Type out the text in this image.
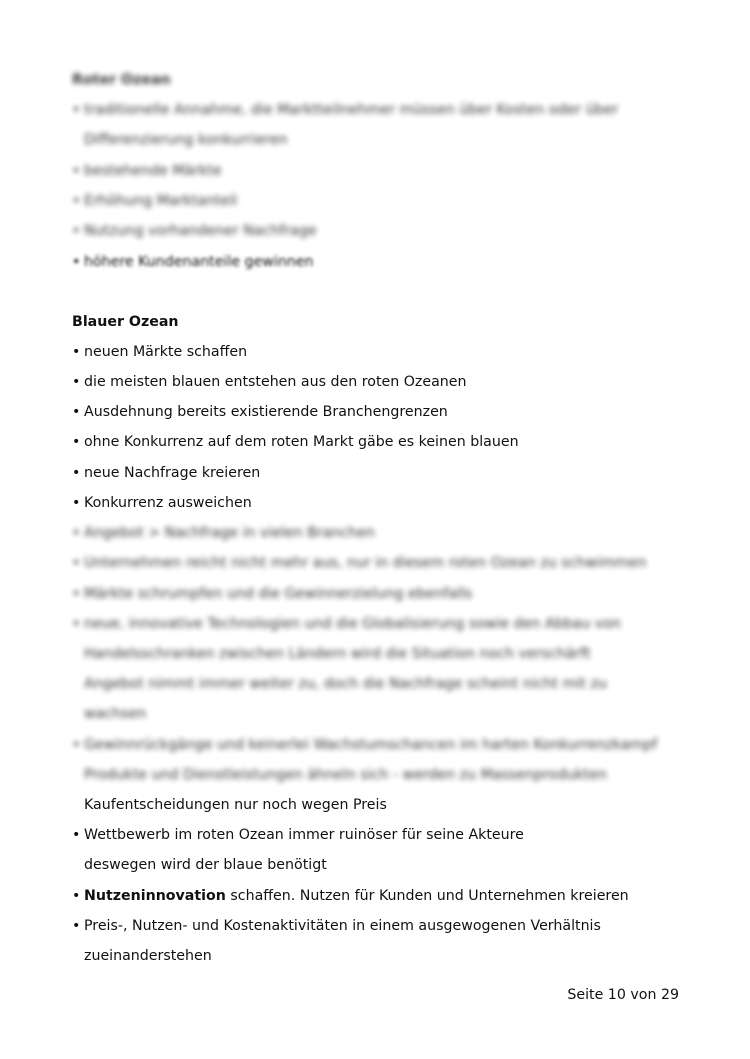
Roter Ozean
• traditionelle Annahme, die Marktteilnehmer müssen über Kosten oder über
Differenzierung konkurrieren
• bestehende Märkte
• Erhöhung Marktanteil
• Nutzung vorhandener Nachfrage
• höhere Kundenanteile gewinnen
Blauer Ozean
• neuen Märkte schaffen
• die meisten blauen entstehen aus den roten Ozeanen
• Ausdehnung bereits existierende Branchengrenzen
• ohne Konkurrenz auf dem roten Markt gäbe es keinen blauen
• neue Nachfrage kreieren
• Konkurrenz ausweichen
• Angebot > Nachfrage in vielen Branchen
• Unternehmen reicht nicht mehr aus, nur in diesem roten Ozean zu schwimmen
• Märkte schrumpfen und die Gewinnerzielung ebenfalls
• neue, innovative Technologien und die Globalisierung sowie den Abbau von
Handelsschranken zwischen Ländern wird die Situation noch verschärft
Angebot nimmt immer weiter zu, doch die Nachfrage scheint nicht mit zu
wachsen
• Gewinnrückgänge und keinerlei Wachstumschancen im harten Konkurrenzkampf
Produkte und Dienstleistungen ähneln sich - werden zu Massenprodukten
Kaufentscheidungen nur noch wegen Preis
• Wettbewerb im roten Ozean immer ruinöser für seine Akteure
deswegen wird der blaue benötigt
• Nutzeninnovation schaffen. Nutzen für Kunden und Unternehmen kreieren
• Preis-, Nutzen- und Kostenaktivitäten in einem ausgewogenen Verhältnis
zueinanderstehen
Seite 10 von 29
